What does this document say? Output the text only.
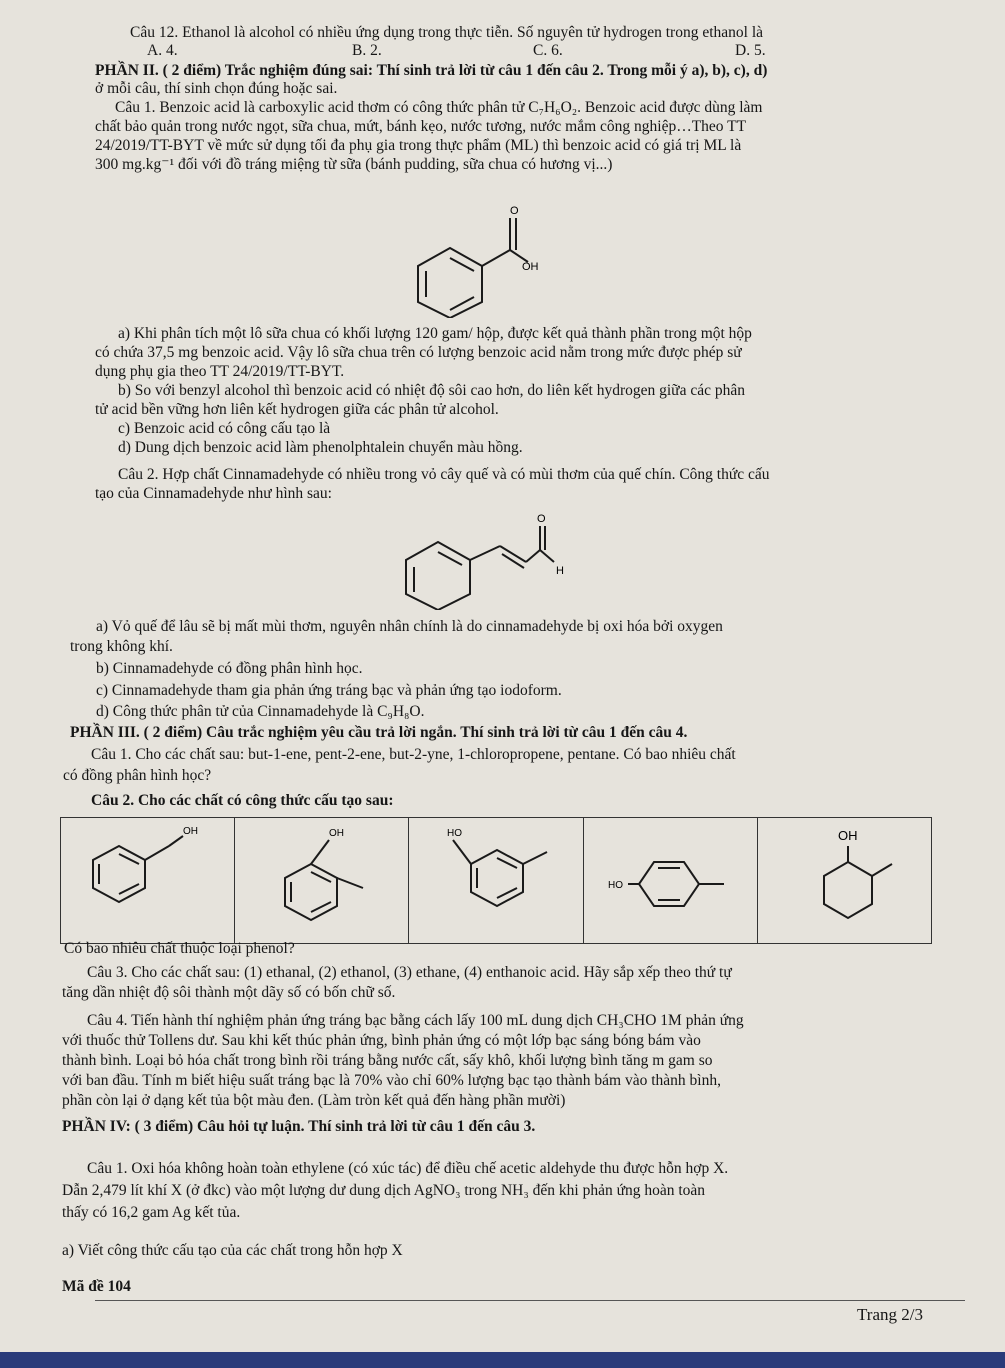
Câu 12. Ethanol là alcohol có nhiều ứng dụng trong thực tiễn. Số nguyên tử hydrogen trong ethanol là
A. 4.	B. 2.	C. 6.	D. 5.
PHẦN II. ( 2 điểm) Trắc nghiệm đúng sai: Thí sinh trả lời từ câu 1 đến câu 2. Trong mỗi ý a), b), c), d)
ở mỗi câu, thí sinh chọn đúng hoặc sai.
Câu 1. Benzoic acid là carboxylic acid thơm có công thức phân tử C₇H₆O₂. Benzoic acid được dùng làm
chất bảo quản trong nước ngọt, sữa chua, mứt, bánh kẹo, nước tương, nước mắm công nghiệp…Theo TT
24/2019/TT-BYT về mức sử dụng tối đa phụ gia trong thực phẩm (ML) thì benzoic acid có giá trị ML là
300 mg.kg⁻¹ đối với đồ tráng miệng từ sữa (bánh pudding, sữa chua có hương vị...)
O
OH
a) Khi phân tích một lô sữa chua có khối lượng 120 gam/ hộp, được kết quả thành phần trong một hộp
có chứa 37,5 mg benzoic acid. Vậy lô sữa chua trên có lượng benzoic acid nằm trong mức được phép sử
dụng phụ gia theo TT 24/2019/TT-BYT.
b) So với benzyl alcohol thì benzoic acid có nhiệt độ sôi cao hơn, do liên kết hydrogen giữa các phân
tử acid bền vững hơn liên kết hydrogen giữa các phân tử alcohol.
c) Benzoic acid có công cấu tạo là
d) Dung dịch benzoic acid làm phenolphtalein chuyển màu hồng.
Câu 2. Hợp chất Cinnamadehyde có nhiều trong vỏ cây quế và có mùi thơm của quế chín. Công thức cấu
tạo của Cinnamadehyde như hình sau:
O
H
a) Vỏ quế để lâu sẽ bị mất mùi thơm, nguyên nhân chính là do cinnamadehyde bị oxi hóa bởi oxygen
trong không khí.
b) Cinnamadehyde có đồng phân hình học.
c) Cinnamadehyde tham gia phản ứng tráng bạc và phản ứng tạo iodoform.
d) Công thức phân tử của Cinnamadehyde là C₉H₈O.
PHẦN III. ( 2 điểm) Câu trắc nghiệm yêu cầu trả lời ngắn. Thí sinh trả lời từ câu 1 đến câu 4.
Câu 1. Cho các chất sau: but-1-ene, pent-2-ene, but-2-yne, 1-chloropropene, pentane. Có bao nhiêu chất
có đồng phân hình học?
Câu 2. Cho các chất có công thức cấu tạo sau:
OH	OH	HO
HO
OH
Có bao nhiêu chất thuộc loại phenol?
Câu 3. Cho các chất sau: (1) ethanal, (2) ethanol, (3) ethane, (4) enthanoic acid. Hãy sắp xếp theo thứ tự
tăng dần nhiệt độ sôi thành một dãy số có bốn chữ số.
Câu 4. Tiến hành thí nghiệm phản ứng tráng bạc bằng cách lấy 100 mL dung dịch CH₃CHO 1M phản ứng
với thuốc thử Tollens dư. Sau khi kết thúc phản ứng, bình phản ứng có một lớp bạc sáng bóng bám vào
thành bình. Loại bỏ hóa chất trong bình rồi tráng bằng nước cất, sấy khô, khối lượng bình tăng m gam so
với ban đầu. Tính m biết hiệu suất tráng bạc là 70% vào chỉ 60% lượng bạc tạo thành bám vào thành bình,
phần còn lại ở dạng kết tủa bột màu đen. (Làm tròn kết quả đến hàng phần mười)
PHẦN IV: ( 3 điểm) Câu hỏi tự luận. Thí sinh trả lời từ câu 1 đến câu 3.
Câu 1. Oxi hóa không hoàn toàn ethylene (có xúc tác) để điều chế acetic aldehyde thu được hỗn hợp X.
Dẫn 2,479 lít khí X (ở đkc) vào một lượng dư dung dịch AgNO₃ trong NH₃ đến khi phản ứng hoàn toàn
thấy có 16,2 gam Ag kết tủa.
a) Viết công thức cấu tạo của các chất trong hỗn hợp X
Mã đề 104
Trang 2/3
